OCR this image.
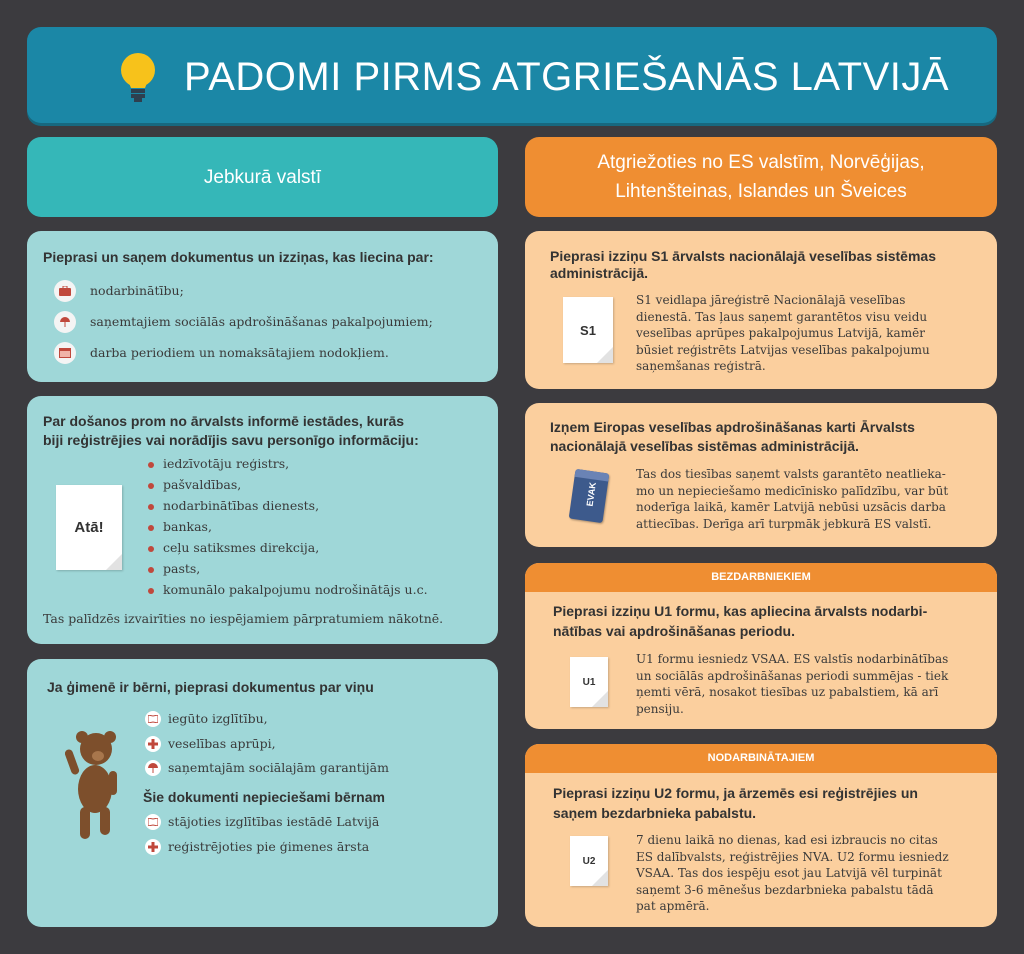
PADOMI PIRMS ATGRIEŠANĀS LATVIJĀ
Jebkurā valstī
Atgriežoties no ES valstīm, Norvēģijas,
Lihtenšteinas, Islandes un Šveices
Pieprasi un saņem dokumentus un izziņas, kas liecina par:
nodarbinātību;
saņemtajiem sociālās apdrošināšanas pakalpojumiem;
darba periodiem un nomaksātajiem nodokļiem.
Par došanos prom no ārvalsts informē iestādes, kurās
biji reģistrējies vai norādījis savu personīgo informāciju:
Atā!
iedzīvotāju reģistrs,
pašvaldības,
nodarbinātības dienests,
bankas,
ceļu satiksmes direkcija,
pasts,
komunālo pakalpojumu nodrošinātājs u.c.
Tas palīdzēs izvairīties no iespējamiem pārpratumiem nākotnē.
Ja ģimenē ir bērni, pieprasi dokumentus par viņu
iegūto izglītību,
veselības aprūpi,
saņemtajām sociālajām garantijām
Šie dokumenti nepieciešami bērnam
stājoties izglītības iestādē Latvijā
reģistrējoties pie ģimenes ārsta
Pieprasi izziņu S1 ārvalsts nacionālajā veselības sistēmas
administrācijā.
S1
S1 veidlapa jāreģistrē Nacionālajā veselības
dienestā. Tas ļaus saņemt garantētos visu veidu
veselības aprūpes pakalpojumus Latvijā, kamēr
būsiet reģistrēts Latvijas veselības pakalpojumu
saņemšanas reģistrā.
Izņem Eiropas veselības apdrošināšanas karti Ārvalsts
nacionālajā veselības sistēmas administrācijā.
EVAK
Tas dos tiesības saņemt valsts garantēto neatlieka-
mo un nepieciešamo medicīnisko palīdzību, var būt
noderīga laikā, kamēr Latvijā nebūsi uzsācis darba
attiecības. Derīga arī turpmāk jebkurā ES valstī.
BEZDARBNIEKIEM
Pieprasi izziņu U1 formu, kas apliecina ārvalsts nodarbi-
nātības vai apdrošināšanas periodu.
U1
U1 formu iesniedz VSAA. ES valstīs nodarbinātības
un sociālās apdrošināšanas periodi summējas - tiek
ņemti vērā, nosakot tiesības uz pabalstiem, kā arī
pensiju.
NODARBINĀTAJIEM
Pieprasi izziņu U2 formu, ja ārzemēs esi reģistrējies un
saņem bezdarbnieka pabalstu.
U2
7 dienu laikā no dienas, kad esi izbraucis no citas
ES dalībvalsts, reģistrējies NVA. U2 formu iesniedz
VSAA. Tas dos iespēju esot jau Latvijā vēl turpināt
saņemt 3-6 mēnešus bezdarbnieka pabalstu tādā
pat apmērā.
